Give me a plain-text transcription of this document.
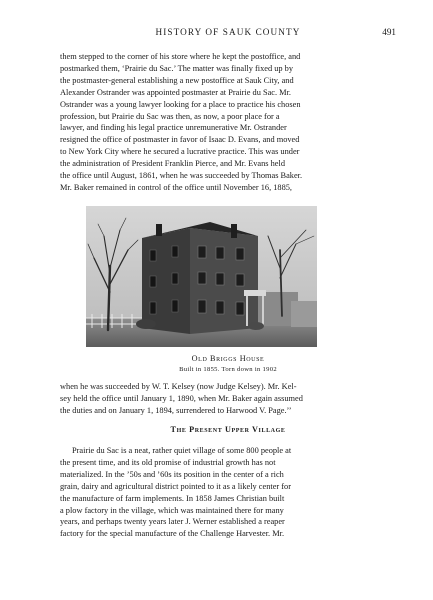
HISTORY OF SAUK COUNTY	491

them stepped to the corner of his store where he kept the postoffice, and

postmarked them, ‘Prairie du Sac.’ The matter was finally fixed up by

the postmaster-general establishing a new postoffice at Sauk City, and

Alexander Ostrander was appointed postmaster at Prairie du Sac. Mr.

Ostrander was a young lawyer looking for a place to practice his chosen

profession, but Prairie du Sac was then, as now, a poor place for a

lawyer, and finding his legal practice unremunerative Mr. Ostrander

resigned the office of postmaster in favor of Isaac D. Evans, and moved

to New York City where he secured a lucrative practice. This was under

the administration of President Franklin Pierce, and Mr. Evans held

the office until August, 1861, when he was succeeded by Thomas Baker.

Mr. Baker remained in control of the office until November 16, 1885,

Old Briggs House

Built in 1855. Torn down in 1902

when he was succeeded by W. T. Kelsey (now Judge Kelsey). Mr. Kel-

sey held the office until January 1, 1890, when Mr. Baker again assumed

the duties and on January 1, 1894, surrendered to Harwood V. Page.’’

The Present Upper Village

Prairie du Sac is a neat, rather quiet village of some 800 people at

the present time, and its old promise of industrial growth has not

materialized. In the ’50s and ’60s its position in the center of a rich

grain, dairy and agricultural district pointed to it as a likely center for

the manufacture of farm implements. In 1858 James Christian built

a plow factory in the village, which was maintained there for many

years, and perhaps twenty years later J. Werner established a reaper

factory for the special manufacture of the Challenge Harvester. Mr.
